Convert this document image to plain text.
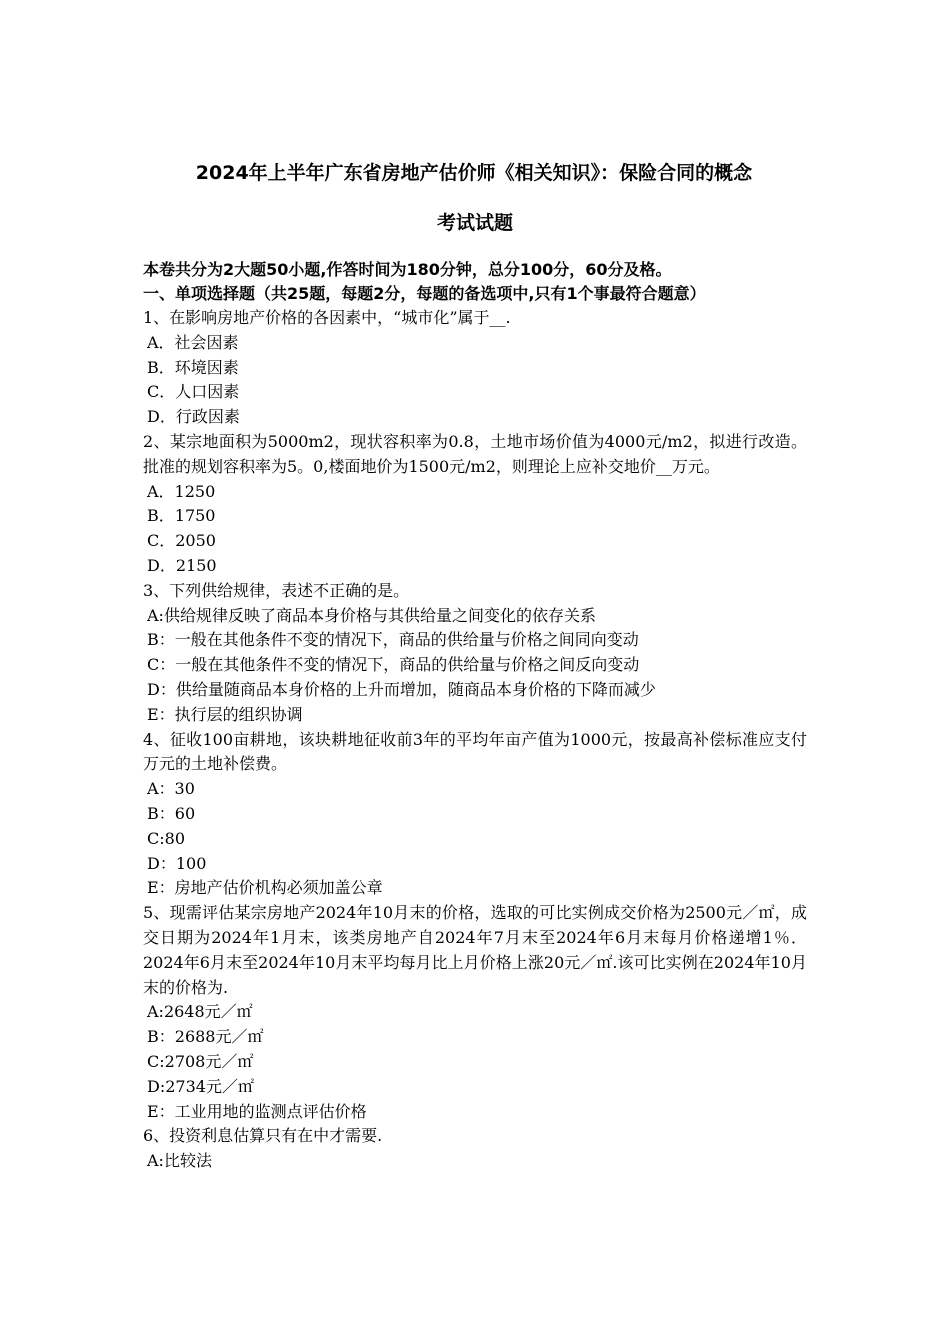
2024年上半年广东省房地产估价师《相关知识》：保险合同的概念
考试试题
本卷共分为2大题50小题,作答时间为180分钟，总分100分，60分及格。
一、单项选择题（共25题，每题2分，每题的备选项中,只有1个事最符合题意）
1、在影响房地产价格的各因素中，“城市化”属于__.
A．社会因素
B．环境因素
C．人口因素
D．行政因素
2、某宗地面积为5000m2，现状容积率为0.8，土地市场价值为4000元/m2，拟进行改造。批准的规划容积率为5。0,楼面地价为1500元/m2，则理论上应补交地价__万元。
A．1250
B．1750
C．2050
D．2150
3、下列供给规律，表述不正确的是。
A:供给规律反映了商品本身价格与其供给量之间变化的依存关系
B：一般在其他条件不变的情况下，商品的供给量与价格之间同向变动
C：一般在其他条件不变的情况下，商品的供给量与价格之间反向变动
D：供给量随商品本身价格的上升而增加，随商品本身价格的下降而减少
E：执行层的组织协调
4、征收100亩耕地，该块耕地征收前3年的平均年亩产值为1000元，按最高补偿标准应支付万元的土地补偿费。
A：30
B：60
C:80
D：100
E：房地产估价机构必须加盖公章
5、现需评估某宗房地产2024年10月末的价格，选取的可比实例成交价格为2500元／㎡，成交日期为2024年1月末，该类房地产自2024年7月末至2024年6月末每月价格递增1％．2024年6月末至2024年10月末平均每月比上月价格上涨20元／㎡.该可比实例在2024年10月末的价格为.
A:2648元／㎡
B：2688元／㎡
C:2708元／㎡
D:2734元／㎡
E：工业用地的监测点评估价格
6、投资利息估算只有在中才需要.
A:比较法
